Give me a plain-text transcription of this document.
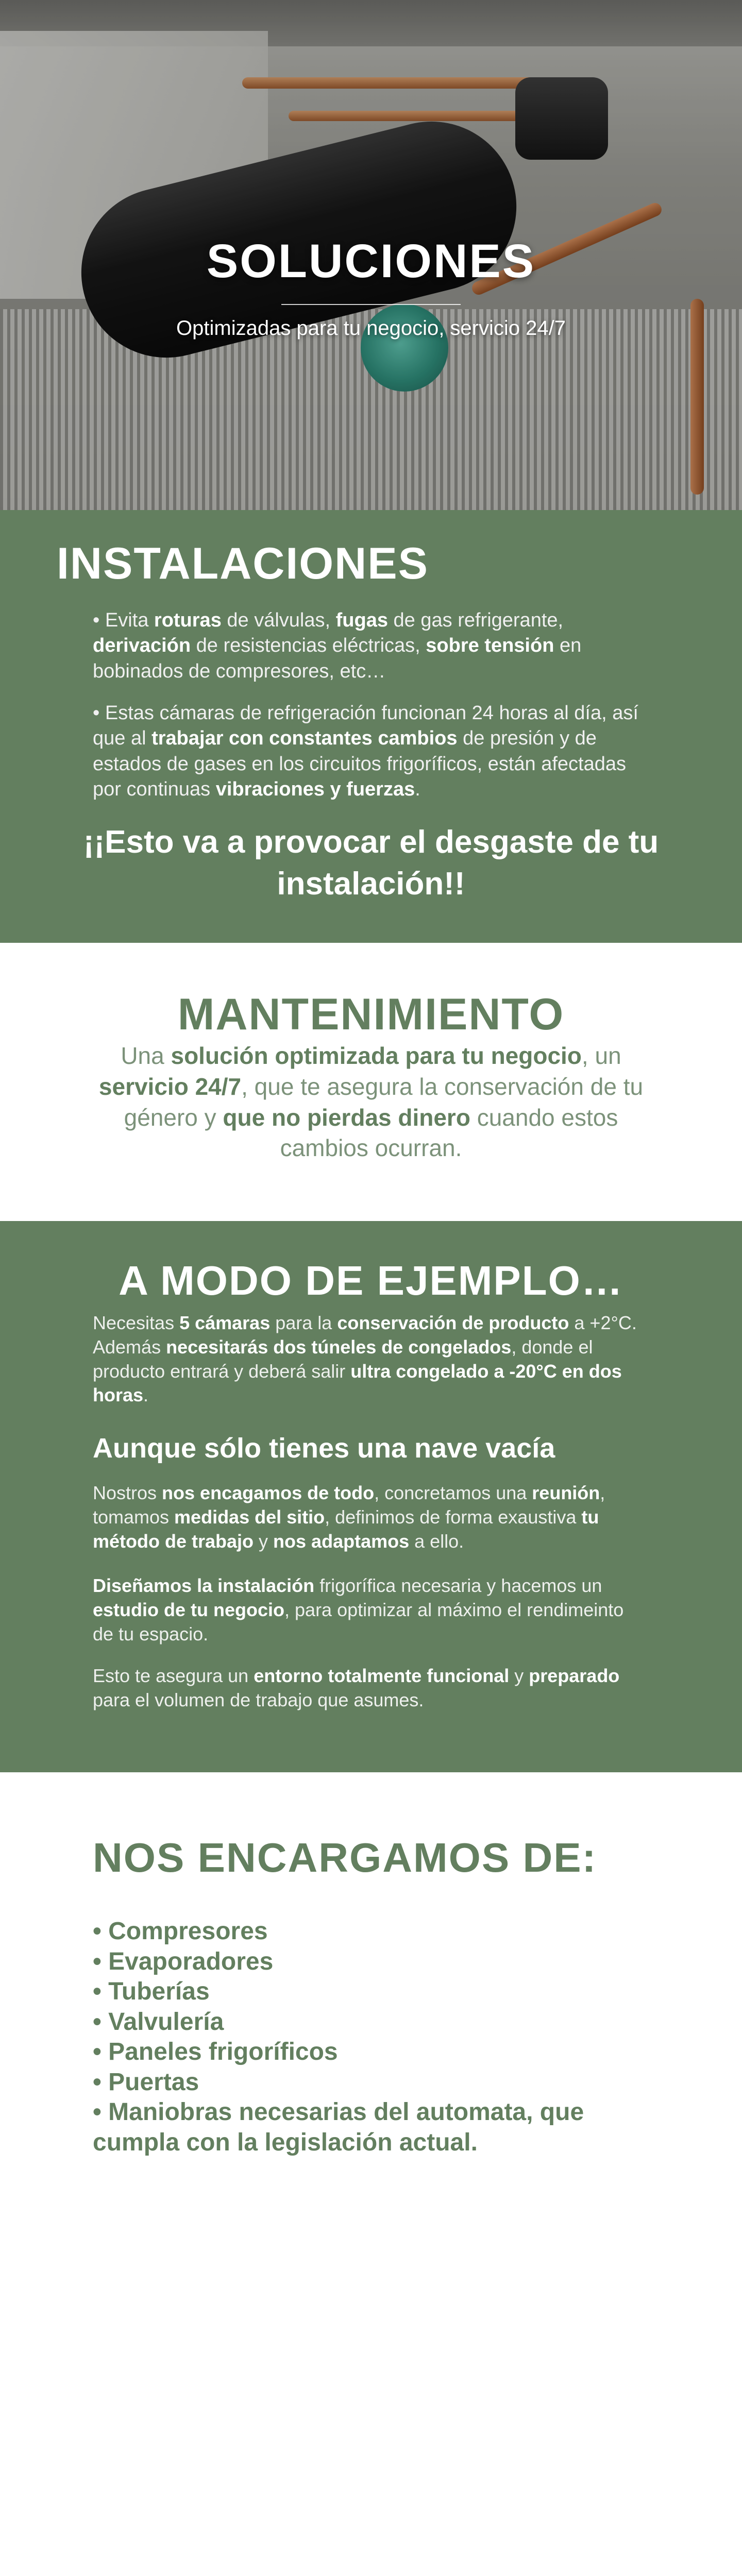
SOLUCIONES

Optimizadas para tu negocio, servicio 24/7

INSTALACIONES

• Evita roturas de válvulas, fugas de gas refrigerante, derivación de resistencias eléctricas, sobre tensión en bobinados de compresores, etc…

• Estas cámaras de refrigeración funcionan 24 horas al día, así que al trabajar con constantes cambios de presión y de estados de gases en los circuitos frigoríficos, están afectadas por continuas vibraciones y fuerzas.

¡¡Esto va a provocar el desgaste de tu instalación!!

MANTENIMIENTO

Una solución optimizada para tu negocio, un servicio 24/7, que te asegura la conservación de tu género y que no pierdas dinero cuando estos cambios ocurran.

A MODO DE EJEMPLO…

Necesitas 5 cámaras para la conservación de producto a +2°C. Además necesitarás dos túneles de congelados, donde el producto entrará y deberá salir ultra congelado a -20°C en dos horas.

Aunque sólo tienes una nave vacía

Nostros nos encagamos de todo, concretamos una reunión, tomamos medidas del sitio, definimos de forma exaustiva tu método de trabajo y nos adaptamos a ello.

Diseñamos la instalación frigorífica necesaria y hacemos un estudio de tu negocio, para optimizar al máximo el rendimeinto de tu espacio.

Esto te asegura un entorno totalmente funcional y preparado para el volumen de trabajo que asumes.

NOS ENCARGAMOS DE:
• Compresores
• Evaporadores
• Tuberías
• Valvulería
• Paneles frigoríficos
• Puertas
• Maniobras necesarias del automata, que cumpla con la legislación actual.
